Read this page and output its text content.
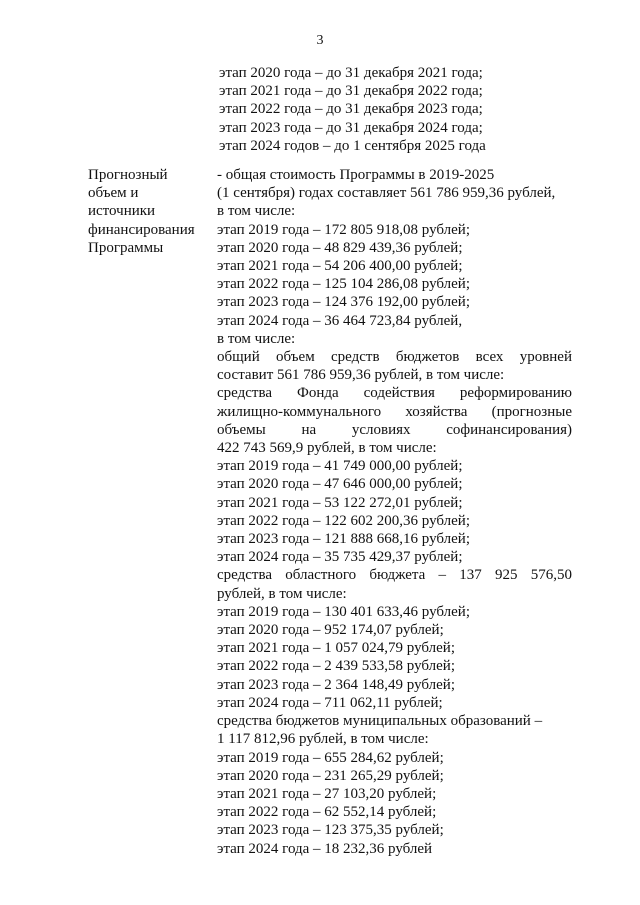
3
этап 2020 года – до 31 декабря 2021 года;
этап 2021 года – до 31 декабря 2022 года;
этап 2022 года – до 31 декабря 2023 года;
этап 2023 года – до 31 декабря 2024 года;
этап 2024 годов – до 1 сентября 2025 года
Прогнозный
объем и
источники
финансирования
Программы
- общая стоимость Программы в 2019-2025
(1 сентября) годах составляет 561 786 959,36 рублей,
в том числе:
этап 2019 года – 172 805 918,08 рублей;
этап 2020 года – 48 829 439,36 рублей;
этап 2021 года – 54 206 400,00 рублей;
этап 2022 года – 125 104 286,08 рублей;
этап 2023 года – 124 376 192,00 рублей;
этап 2024 года – 36 464 723,84 рублей,
в том числе:
общий объем средств бюджетов всех уровней
составит 561 786 959,36 рублей, в том числе:
средства Фонда содействия реформированию
жилищно-коммунального хозяйства (прогнозные
объемы на условиях софинансирования)
422 743 569,9 рублей, в том числе:
этап 2019 года – 41 749 000,00 рублей;
этап 2020 года – 47 646 000,00 рублей;
этап 2021 года – 53 122 272,01 рублей;
этап 2022 года – 122 602 200,36 рублей;
этап 2023 года – 121 888 668,16 рублей;
этап 2024 года – 35 735 429,37 рублей;
средства областного бюджета – 137 925 576,50
рублей, в том числе:
этап 2019 года – 130 401 633,46 рублей;
этап 2020 года – 952 174,07 рублей;
этап 2021 года – 1 057 024,79 рублей;
этап 2022 года – 2 439 533,58 рублей;
этап 2023 года – 2 364 148,49 рублей;
этап 2024 года – 711 062,11 рублей;
средства бюджетов муниципальных образований –
1 117 812,96 рублей, в том числе:
этап 2019 года – 655 284,62 рублей;
этап 2020 года – 231 265,29 рублей;
этап 2021 года – 27 103,20 рублей;
этап 2022 года – 62 552,14 рублей;
этап 2023 года – 123 375,35 рублей;
этап 2024 года – 18 232,36 рублей
